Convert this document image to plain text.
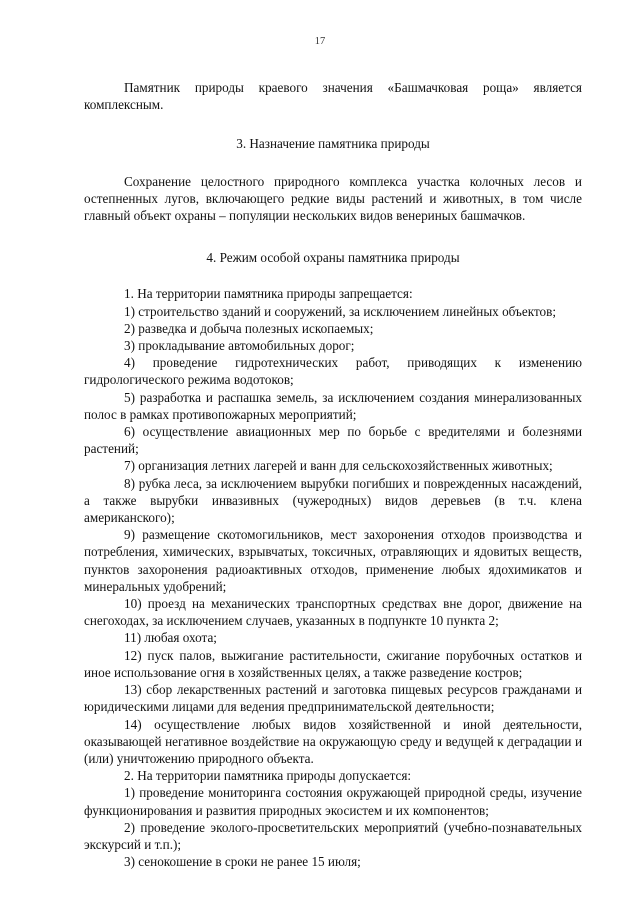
17

Памятник природы краевого значения «Башмачковая роща» является комплексным.

3. Назначение памятника природы

Сохранение целостного природного комплекса участка колочных лесов и остепненных лугов, включающего редкие виды растений и животных, в том числе главный объект охраны – популяции нескольких видов венериных башмачков.

4. Режим особой охраны памятника природы

1. На территории памятника природы запрещается:

1) строительство зданий и сооружений, за исключением линейных объектов;

2) разведка и добыча полезных ископаемых;

3) прокладывание автомобильных дорог;

4) проведение гидротехнических работ, приводящих к изменению гидрологического режима водотоков;

5) разработка и распашка земель, за исключением создания минерализованных полос в рамках противопожарных мероприятий;

6) осуществление авиационных мер по борьбе с вредителями и болезнями растений;

7) организация летних лагерей и ванн для сельскохозяйственных животных;

8) рубка леса, за исключением вырубки погибших и поврежденных насаждений, а также вырубки инвазивных (чужеродных) видов деревьев (в т.ч. клена американского);

9) размещение скотомогильников, мест захоронения отходов производства и потребления, химических, взрывчатых, токсичных, отравляющих и ядовитых веществ, пунктов захоронения радиоактивных отходов, применение любых ядохимикатов и минеральных удобрений;

10) проезд на механических транспортных средствах вне дорог, движение на снегоходах, за исключением случаев, указанных в подпункте 10 пункта 2;

11) любая охота;

12) пуск палов, выжигание растительности, сжигание порубочных остатков и иное использование огня в хозяйственных целях, а также разведение костров;

13) сбор лекарственных растений и заготовка пищевых ресурсов гражданами и юридическими лицами для ведения предпринимательской деятельности;

14) осуществление любых видов хозяйственной и иной деятельности, оказывающей негативное воздействие на окружающую среду и ведущей к деградации и (или) уничтожению природного объекта.

2. На территории памятника природы допускается:

1) проведение мониторинга состояния окружающей природной среды, изучение функционирования и развития природных экосистем и их компонентов;

2) проведение эколого-просветительских мероприятий (учебно-познавательных экскурсий и т.п.);

3) сенокошение в сроки не ранее 15 июля;
